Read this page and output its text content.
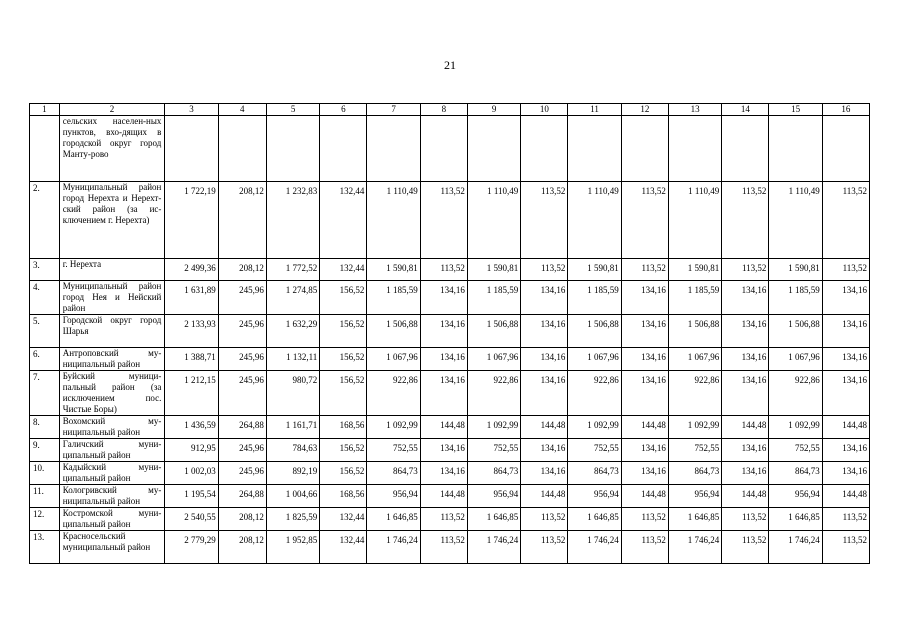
21
1	2	3	4	5	6	7	8	9	10	11	12	13	14	15	16
	сельских населен-ных пунктов, вхо-дящих в городской округ город Манту-рово														
2.	Муниципальный район город Нерехта и Нерехт-ский район (за ис-ключением г. Нерехта)	1 722,19	208,12	1 232,83	132,44	1 110,49	113,52	1 110,49	113,52	1 110,49	113,52	1 110,49	113,52	1 110,49	113,52
3.	г. Нерехта	2 499,36	208,12	1 772,52	132,44	1 590,81	113,52	1 590,81	113,52	1 590,81	113,52	1 590,81	113,52	1 590,81	113,52
4.	Муниципальный район город Нея и Нейский район	1 631,89	245,96	1 274,85	156,52	1 185,59	134,16	1 185,59	134,16	1 185,59	134,16	1 185,59	134,16	1 185,59	134,16
5.	Городской округ город Шарья	2 133,93	245,96	1 632,29	156,52	1 506,88	134,16	1 506,88	134,16	1 506,88	134,16	1 506,88	134,16	1 506,88	134,16
6.	Антроповский му-ниципальный район	1 388,71	245,96	1 132,11	156,52	1 067,96	134,16	1 067,96	134,16	1 067,96	134,16	1 067,96	134,16	1 067,96	134,16
7.	Буйский муници-пальный район (за исключением пос. Чистые Боры)	1 212,15	245,96	980,72	156,52	922,86	134,16	922,86	134,16	922,86	134,16	922,86	134,16	922,86	134,16
8.	Вохомский му-ниципальный район	1 436,59	264,88	1 161,71	168,56	1 092,99	144,48	1 092,99	144,48	1 092,99	144,48	1 092,99	144,48	1 092,99	144,48
9.	Галичский муни-ципальный район	912,95	245,96	784,63	156,52	752,55	134,16	752,55	134,16	752,55	134,16	752,55	134,16	752,55	134,16
10.	Кадыйский муни-ципальный район	1 002,03	245,96	892,19	156,52	864,73	134,16	864,73	134,16	864,73	134,16	864,73	134,16	864,73	134,16
11.	Кологривский му-ниципальный район	1 195,54	264,88	1 004,66	168,56	956,94	144,48	956,94	144,48	956,94	144,48	956,94	144,48	956,94	144,48
12.	Костромской муни-ципальный район	2 540,55	208,12	1 825,59	132,44	1 646,85	113,52	1 646,85	113,52	1 646,85	113,52	1 646,85	113,52	1 646,85	113,52
13.	Красносельский муниципальный район	2 779,29	208,12	1 952,85	132,44	1 746,24	113,52	1 746,24	113,52	1 746,24	113,52	1 746,24	113,52	1 746,24	113,52
